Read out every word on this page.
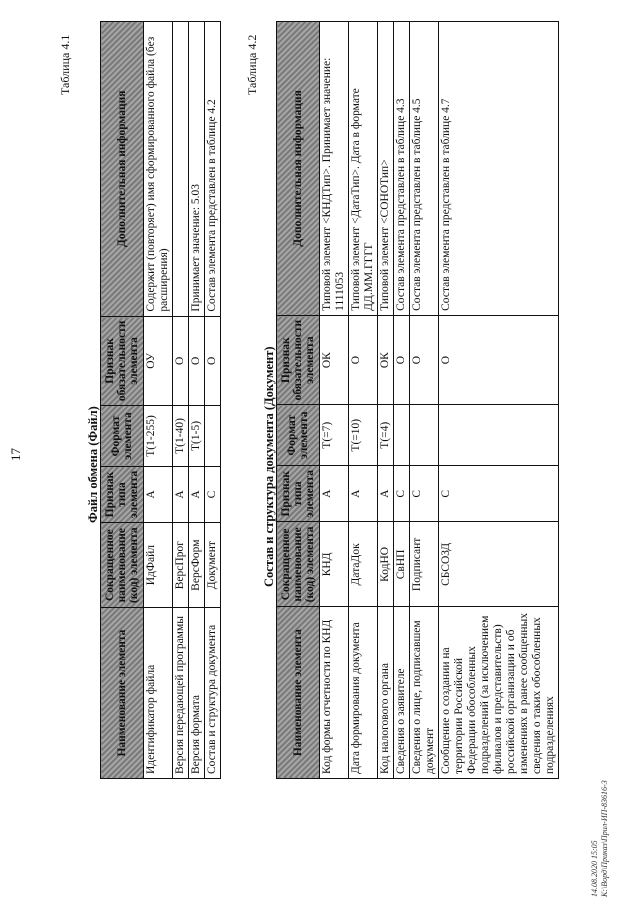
17
Таблица 4.1
Файл обмена (Файл)
Наименование элемента	Сокращенное наименование (код) элемента	Признак типа элемента	Формат элемента	Признак обязательности элемента	Дополнительная информация
Идентификатор файла	ИдФайл	А	Т(1-255)	ОУ	Содержит (повторяет) имя сформированного файла (без расширения)
Версия передающей программы	ВерсПрог	А	Т(1-40)	О	
Версия формата	ВерсФорм	А	Т(1-5)	О	Принимает значение: 5.03
Состав и структура документа	Документ	С		О	Состав элемента представлен в таблице 4.2
Таблица 4.2
Состав и структура документа (Документ)
Наименование элемента	Сокращенное наименование (код) элемента	Признак типа элемента	Формат элемента	Признак обязательности элемента	Дополнительная информация
Код формы отчетности по КНД	КНД	А	Т(=7)	ОК	Типовой элемент <КНДТип>. Принимает значение: 1111053
Дата формирования документа	ДатаДок	А	Т(=10)	О	Типовой элемент <ДатаТип>. Дата в формате ДД.ММ.ГГГГ
Код налогового органа	КодНО	А	Т(=4)	ОК	Типовой элемент <СОНОТип>
Сведения о заявителе	СвНП	С		О	Состав элемента представлен в таблице 4.3
Сведения о лице, подписавшем документ	Подписант	С		О	Состав элемента представлен в таблице 4.5
Сообщение о создании на территории Российской Федерации обособленных подразделений (за исключением филиалов и представительств) российской организации и об изменениях в ранее сообщенных сведения о таких обособленных подразделениях	СБСОЗД	С		О	Состав элемента представлен в таблице 4.7
14.08.2020 15:05 К:\Ворд\Приказ\Прил-ИП-83616-3
